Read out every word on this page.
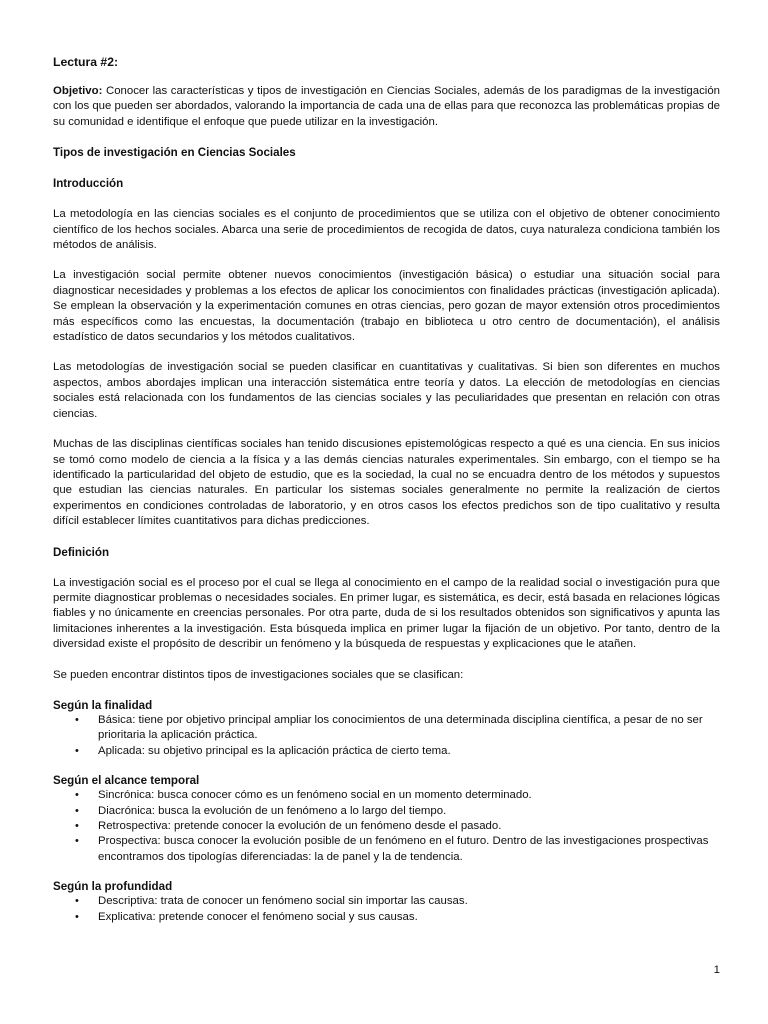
Lectura #2:

Objetivo: Conocer las características y tipos de investigación en Ciencias Sociales, además de los paradigmas de la investigación con los que pueden ser abordados, valorando la importancia de cada una de ellas para que reconozca las problemáticas propias de su comunidad e identifique el enfoque que puede utilizar en la investigación.

Tipos de investigación en Ciencias Sociales
Introducción

La metodología en las ciencias sociales es el conjunto de procedimientos que se utiliza con el objetivo de obtener conocimiento científico de los hechos sociales. Abarca una serie de procedimientos de recogida de datos, cuya naturaleza condiciona también los métodos de análisis.

La investigación social permite obtener nuevos conocimientos (investigación básica) o estudiar una situación social para diagnosticar necesidades y problemas a los efectos de aplicar los conocimientos con finalidades prácticas (investigación aplicada). Se emplean la observación y la experimentación comunes en otras ciencias, pero gozan de mayor extensión otros procedimientos más específicos como las encuestas, la documentación (trabajo en biblioteca u otro centro de documentación), el análisis estadístico de datos secundarios y los métodos cualitativos.

Las metodologías de investigación social se pueden clasificar en cuantitativas y cualitativas. Si bien son diferentes en muchos aspectos, ambos abordajes implican una interacción sistemática entre teoría y datos. La elección de metodologías en ciencias sociales está relacionada con los fundamentos de las ciencias sociales y las peculiaridades que presentan en relación con otras ciencias.

Muchas de las disciplinas científicas sociales han tenido discusiones epistemológicas respecto a qué es una ciencia. En sus inicios se tomó como modelo de ciencia a la física y a las demás ciencias naturales experimentales. Sin embargo, con el tiempo se ha identificado la particularidad del objeto de estudio, que es la sociedad, la cual no se encuadra dentro de los métodos y supuestos que estudian las ciencias naturales. En particular los sistemas sociales generalmente no permite la realización de ciertos experimentos en condiciones controladas de laboratorio, y en otros casos los efectos predichos son de tipo cualitativo y resulta difícil establecer límites cuantitativos para dichas predicciones.

Definición

La investigación social es el proceso por el cual se llega al conocimiento en el campo de la realidad social o investigación pura que permite diagnosticar problemas o necesidades sociales. En primer lugar, es sistemática, es decir, está basada en relaciones lógicas fiables y no únicamente en creencias personales. Por otra parte, duda de si los resultados obtenidos son significativos y apunta las limitaciones inherentes a la investigación. Esta búsqueda implica en primer lugar la fijación de un objetivo. Por tanto, dentro de la diversidad existe el propósito de describir un fenómeno y la búsqueda de respuestas y explicaciones que le atañen.

Se pueden encontrar distintos tipos de investigaciones sociales que se clasifican:

Según la finalidad
• Básica: tiene por objetivo principal ampliar los conocimientos de una determinada disciplina científica, a pesar de no ser prioritaria la aplicación práctica.
• Aplicada: su objetivo principal es la aplicación práctica de cierto tema.
Según el alcance temporal
• Sincrónica: busca conocer cómo es un fenómeno social en un momento determinado.
• Diacrónica: busca la evolución de un fenómeno a lo largo del tiempo.
• Retrospectiva: pretende conocer la evolución de un fenómeno desde el pasado.
• Prospectiva: busca conocer la evolución posible de un fenómeno en el futuro. Dentro de las investigaciones prospectivas encontramos dos tipologías diferenciadas: la de panel y la de tendencia.
Según la profundidad
• Descriptiva: trata de conocer un fenómeno social sin importar las causas.
• Explicativa: pretende conocer el fenómeno social y sus causas.
1
